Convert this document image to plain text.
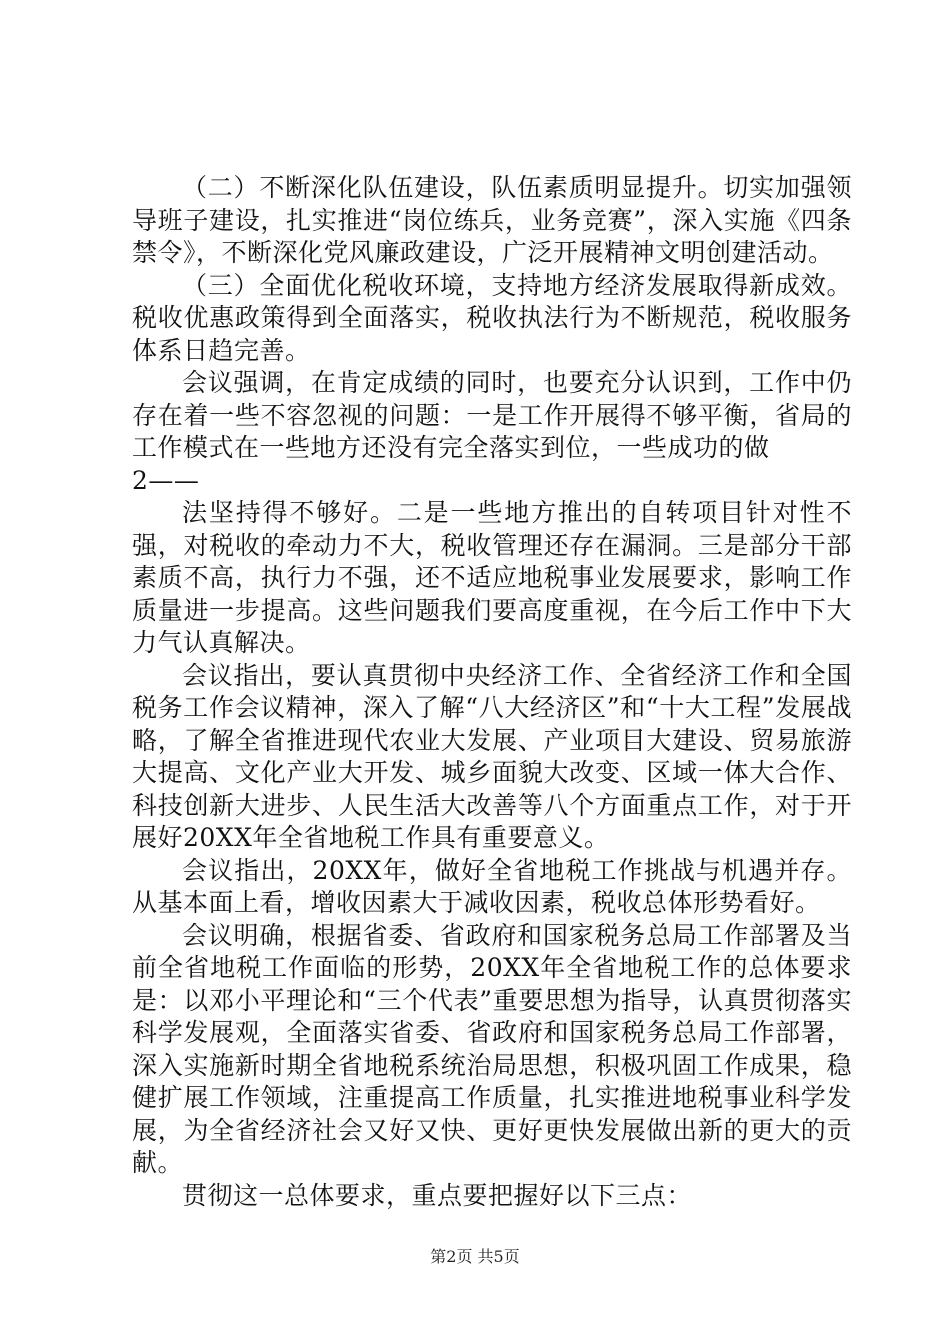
（二）不断深化队伍建设，队伍素质明显提升。切实加强领导班子建设，扎实推进“岗位练兵，业务竞赛”，深入实施《四条禁令》，不断深化党风廉政建设，广泛开展精神文明创建活动。

（三）全面优化税收环境，支持地方经济发展取得新成效。税收优惠政策得到全面落实，税收执法行为不断规范，税收服务体系日趋完善。

会议强调，在肯定成绩的同时，也要充分认识到，工作中仍存在着一些不容忽视的问题：一是工作开展得不够平衡，省局的工作模式在一些地方还没有完全落实到位，一些成功的做

2——

法坚持得不够好。二是一些地方推出的自转项目针对性不强，对税收的牵动力不大，税收管理还存在漏洞。三是部分干部素质不高，执行力不强，还不适应地税事业发展要求，影响工作质量进一步提高。这些问题我们要高度重视，在今后工作中下大力气认真解决。

会议指出，要认真贯彻中央经济工作、全省经济工作和全国税务工作会议精神，深入了解“八大经济区”和“十大工程”发展战略，了解全省推进现代农业大发展、产业项目大建设、贸易旅游大提高、文化产业大开发、城乡面貌大改变、区域一体大合作、科技创新大进步、人民生活大改善等八个方面重点工作，对于开展好20XX年全省地税工作具有重要意义。

会议指出，20XX年，做好全省地税工作挑战与机遇并存。从基本面上看，增收因素大于减收因素，税收总体形势看好。

会议明确，根据省委、省政府和国家税务总局工作部署及当前全省地税工作面临的形势，20XX年全省地税工作的总体要求是：以邓小平理论和“三个代表”重要思想为指导，认真贯彻落实科学发展观，全面落实省委、省政府和国家税务总局工作部署，深入实施新时期全省地税系统治局思想，积极巩固工作成果，稳健扩展工作领域，注重提高工作质量，扎实推进地税事业科学发展，为全省经济社会又好又快、更好更快发展做出新的更大的贡献。

贯彻这一总体要求，重点要把握好以下三点：

第2页 共5页
